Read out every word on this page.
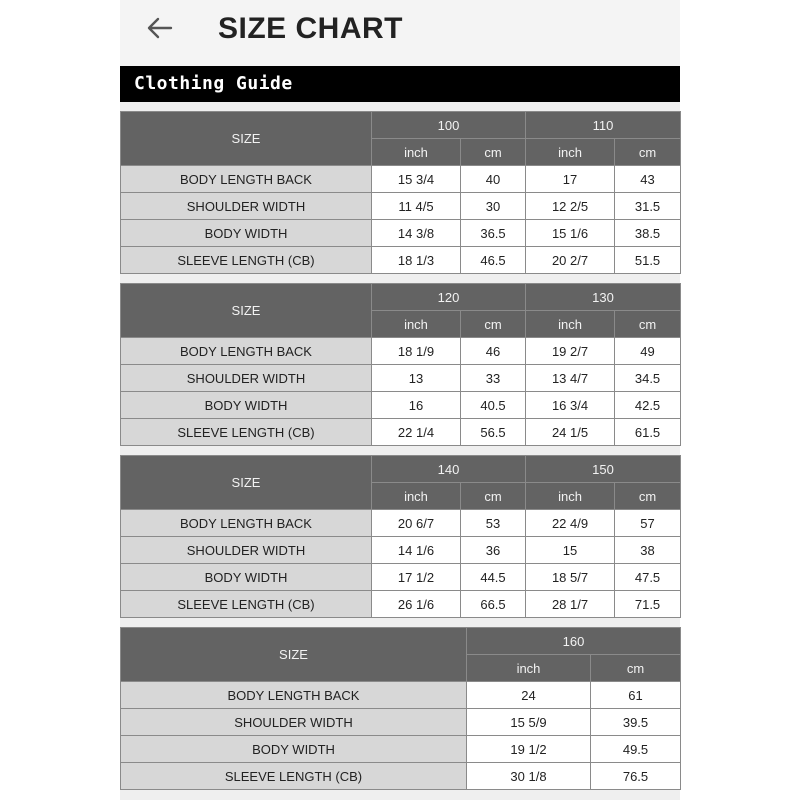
SIZE CHART
Clothing Guide
SIZE	100		110	
	inch	cm	inch	cm
BODY LENGTH BACK	15 3/4	40	17	43
SHOULDER WIDTH	11 4/5	30	12 2/5	31.5
BODY WIDTH	14 3/8	36.5	15 1/6	38.5
SLEEVE LENGTH (CB)	18 1/3	46.5	20 2/7	51.5
SIZE	120		130	
	inch	cm	inch	cm
BODY LENGTH BACK	18 1/9	46	19 2/7	49
SHOULDER WIDTH	13	33	13 4/7	34.5
BODY WIDTH	16	40.5	16 3/4	42.5
SLEEVE LENGTH (CB)	22 1/4	56.5	24 1/5	61.5
SIZE	140		150	
	inch	cm	inch	cm
BODY LENGTH BACK	20 6/7	53	22 4/9	57
SHOULDER WIDTH	14 1/6	36	15	38
BODY WIDTH	17 1/2	44.5	18 5/7	47.5
SLEEVE LENGTH (CB)	26 1/6	66.5	28 1/7	71.5
SIZE	160	
	inch	cm
BODY LENGTH BACK	24	61
SHOULDER WIDTH	15 5/9	39.5
BODY WIDTH	19 1/2	49.5
SLEEVE LENGTH (CB)	30 1/8	76.5
